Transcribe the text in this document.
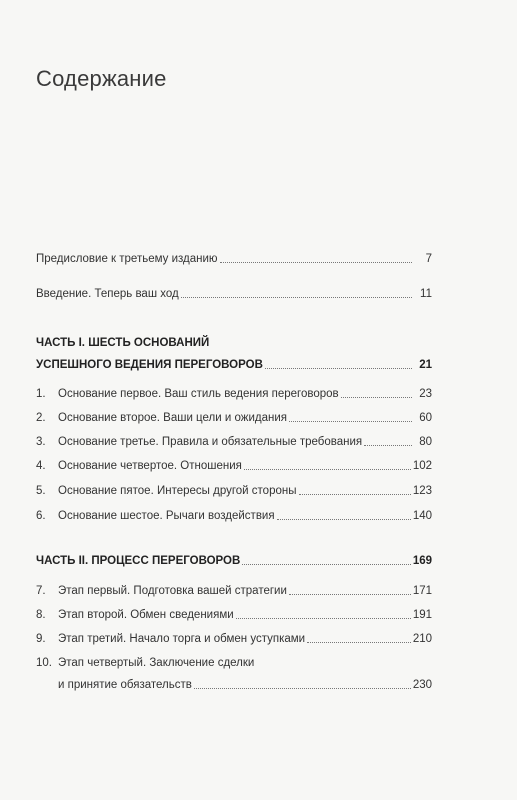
Содержание
Предисловие к третьему изданию	7
Введение. Теперь ваш ход	11
ЧАСТЬ I. ШЕСТЬ ОСНОВАНИЙ
УСПЕШНОГО ВЕДЕНИЯ ПЕРЕГОВОРОВ	21
1.	Основание первое. Ваш стиль ведения переговоров	23
2.	Основание второе. Ваши цели и ожидания	60
3.	Основание третье. Правила и обязательные требования	80
4.	Основание четвертое. Отношения	102
5.	Основание пятое. Интересы другой стороны	123
6.	Основание шестое. Рычаги воздействия	140
ЧАСТЬ II. ПРОЦЕСС ПЕРЕГОВОРОВ	169
7.	Этап первый. Подготовка вашей стратегии	171
8.	Этап второй. Обмен сведениями	191
9.	Этап третий. Начало торга и обмен уступками	210
10. Этап четвертый. Заключение сделки
и принятие обязательств	230
